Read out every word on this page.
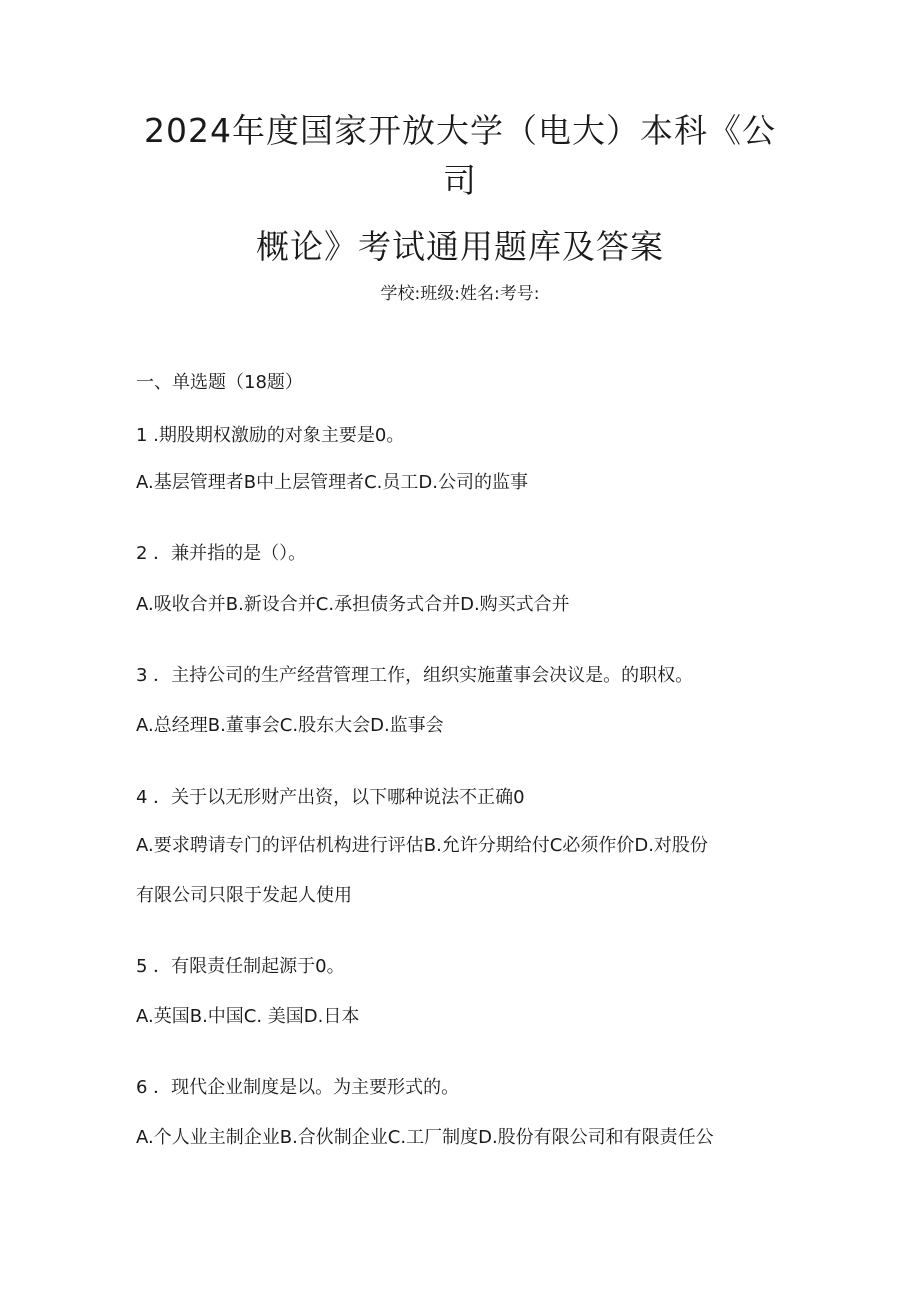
2024年度国家开放大学（电大）本科《公
司
概论》考试通用题库及答案
学校:班级:姓名:考号:
一、单选题（18题）
1 .期股期权激励的对象主要是0。
A.基层管理者B中上层管理者C.员工D.公司的监事
2 ．兼并指的是（）。
A.吸收合并B.新设合并C.承担债务式合并D.购买式合并
3 ．主持公司的生产经营管理工作，组织实施董事会决议是。的职权。
A.总经理B.董事会C.股东大会D.监事会
4 ．关于以无形财产出资，以下哪种说法不正确0
A.要求聘请专门的评估机构进行评估B.允许分期给付C必须作价D.对股份
有限公司只限于发起人使用
5 ．有限责任制起源于0。
A.英国B.中国C. 美国D.日本
6 ．现代企业制度是以。为主要形式的。
A.个人业主制企业B.合伙制企业C.工厂制度D.股份有限公司和有限责任公
